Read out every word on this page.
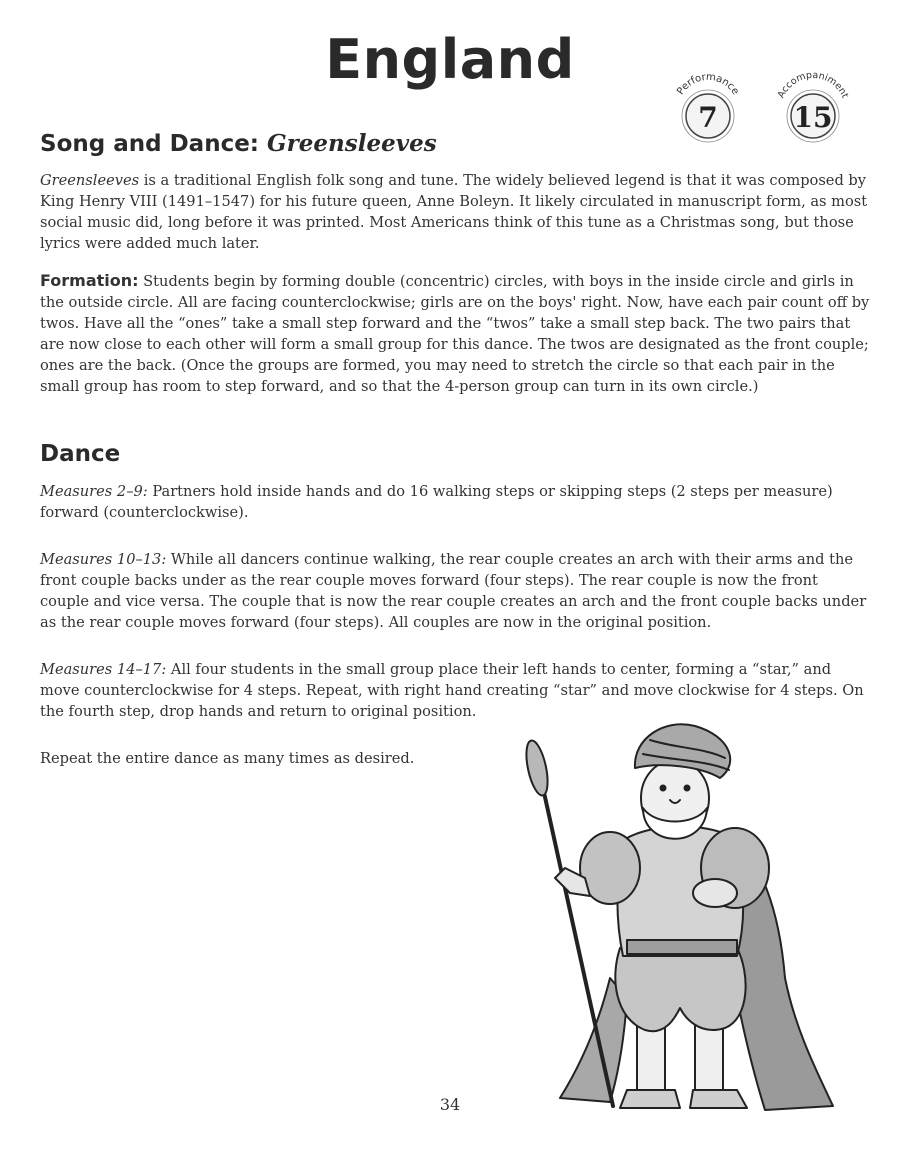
England
Performance
7
Accompaniment
15
Song and Dance: Greensleeves

Greensleeves is a traditional English folk song and tune. The widely believed legend is that it was composed by King Henry VIII (1491–1547) for his future queen, Anne Boleyn. It likely circulated in manuscript form, as most social music did, long before it was printed. Most Americans think of this tune as a Christmas song, but those lyrics were added much later.

Formation: Students begin by forming double (concentric) circles, with boys in the inside circle and girls in the outside circle. All are facing counterclockwise; girls are on the boys' right. Now, have each pair count off by twos. Have all the “ones” take a small step forward and the “twos” take a small step back. The two pairs that are now close to each other will form a small group for this dance. The twos are designated as the front couple; ones are the back. (Once the groups are formed, you may need to stretch the circle so that each pair in the small group has room to step forward, and so that the 4-person group can turn in its own circle.)

Dance

Measures 2–9: Partners hold inside hands and do 16 walking steps or skipping steps (2 steps per measure) forward (counterclockwise).

Measures 10–13: While all dancers continue walking, the rear couple creates an arch with their arms and the front couple backs under as the rear couple moves forward (four steps). The rear couple is now the front couple and vice versa. The couple that is now the rear couple creates an arch and the front couple backs under as the rear couple moves forward (four steps). All couples are now in the original position.

Measures 14–17: All four students in the small group place their left hands to center, forming a “star,” and move counterclockwise for 4 steps. Repeat, with right hand creating “star” and move clockwise for 4 steps. On the fourth step, drop hands and return to original position.

Repeat the entire dance as many times as desired.

34
